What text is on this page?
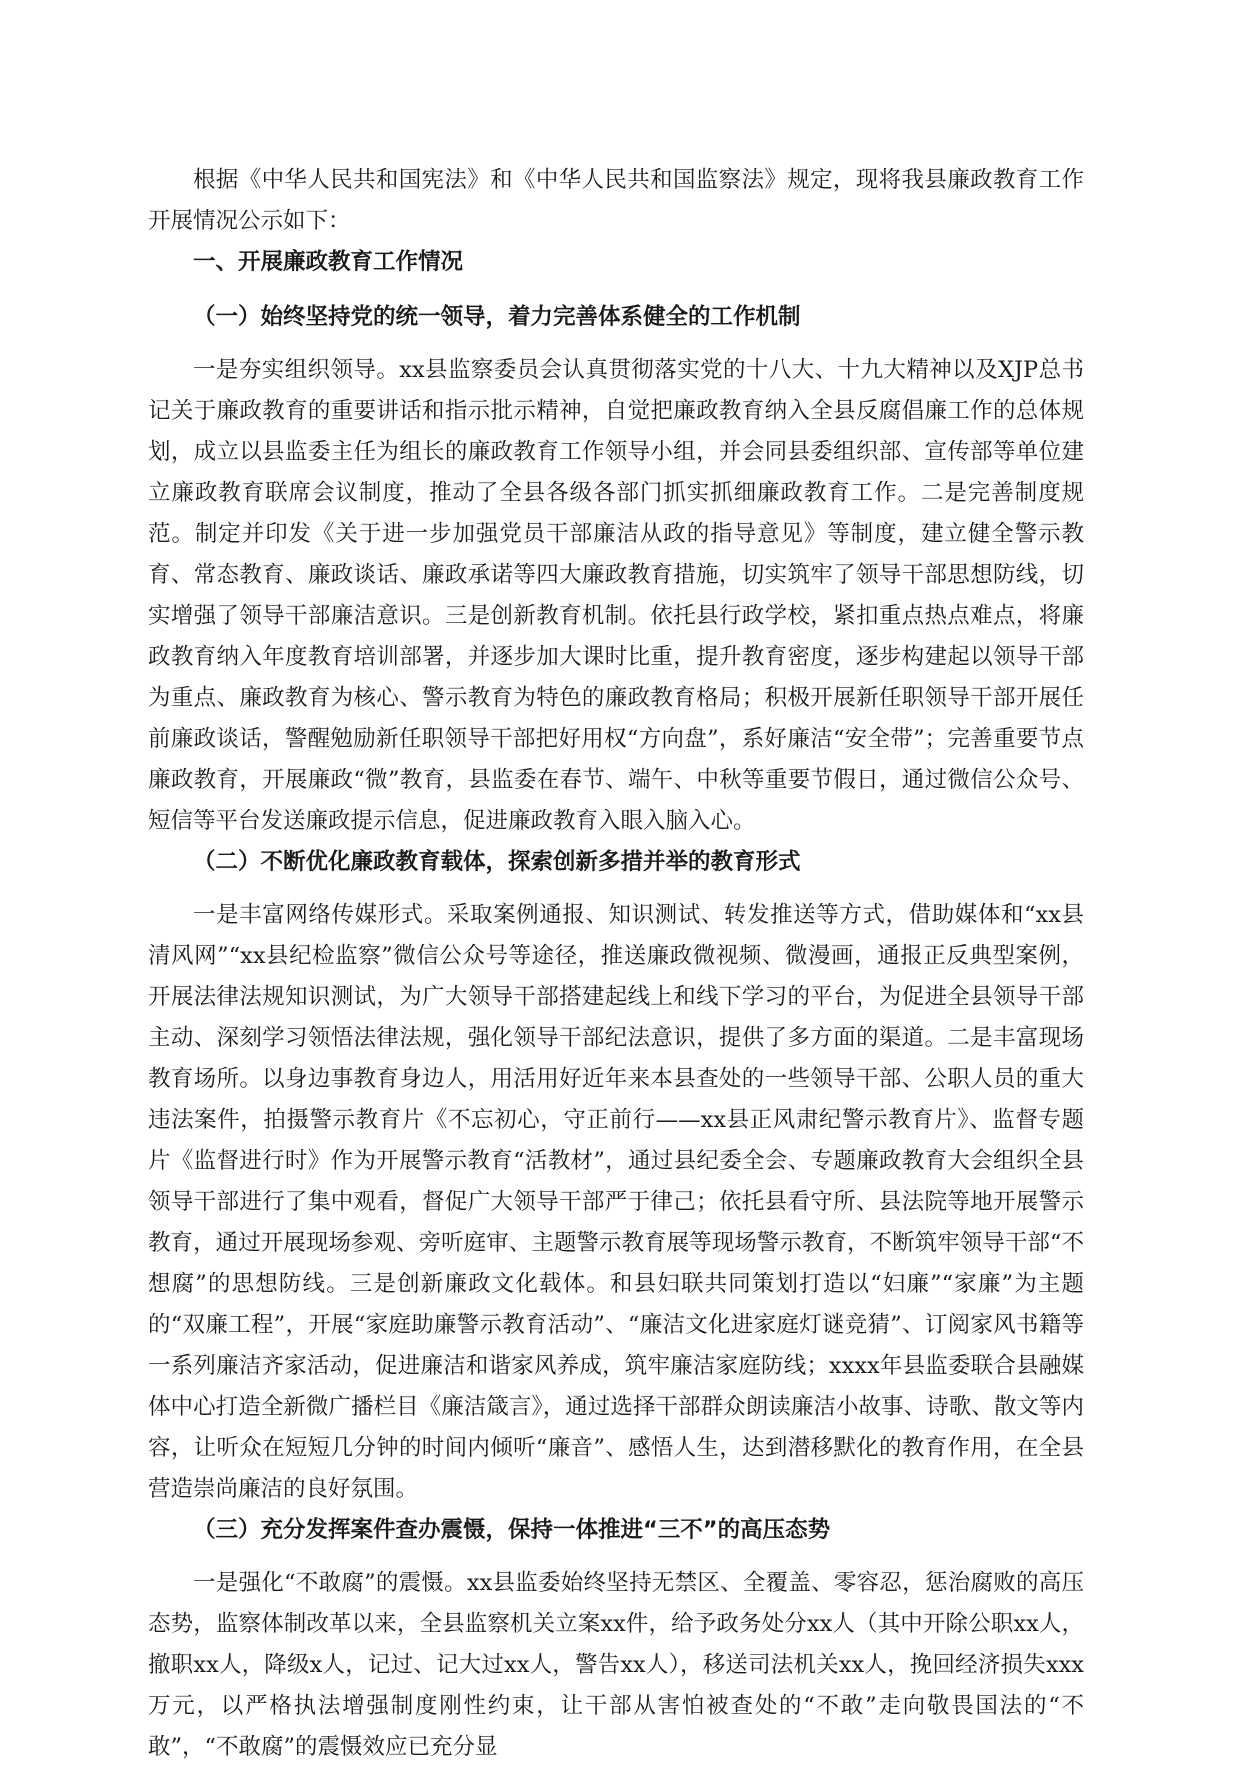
根据《中华人民共和国宪法》和《中华人民共和国监察法》规定，现将我县廉政教育工作开展情况公示如下：

一、开展廉政教育工作情况
（一）始终坚持党的统一领导，着力完善体系健全的工作机制

一是夯实组织领导。xx县监察委员会认真贯彻落实党的十八大、十九大精神以及XJP总书记关于廉政教育的重要讲话和指示批示精神，自觉把廉政教育纳入全县反腐倡廉工作的总体规划，成立以县监委主任为组长的廉政教育工作领导小组，并会同县委组织部、宣传部等单位建立廉政教育联席会议制度，推动了全县各级各部门抓实抓细廉政教育工作。二是完善制度规范。制定并印发《关于进一步加强党员干部廉洁从政的指导意见》等制度，建立健全警示教育、常态教育、廉政谈话、廉政承诺等四大廉政教育措施，切实筑牢了领导干部思想防线，切实增强了领导干部廉洁意识。三是创新教育机制。依托县行政学校，紧扣重点热点难点，将廉政教育纳入年度教育培训部署，并逐步加大课时比重，提升教育密度，逐步构建起以领导干部为重点、廉政教育为核心、警示教育为特色的廉政教育格局；积极开展新任职领导干部开展任前廉政谈话，警醒勉励新任职领导干部把好用权“方向盘”，系好廉洁“安全带”；完善重要节点廉政教育，开展廉政“微”教育，县监委在春节、端午、中秋等重要节假日，通过微信公众号、短信等平台发送廉政提示信息，促进廉政教育入眼入脑入心。

（二）不断优化廉政教育载体，探索创新多措并举的教育形式

一是丰富网络传媒形式。采取案例通报、知识测试、转发推送等方式，借助媒体和“xx县清风网”“xx县纪检监察”微信公众号等途径，推送廉政微视频、微漫画，通报正反典型案例，开展法律法规知识测试，为广大领导干部搭建起线上和线下学习的平台，为促进全县领导干部主动、深刻学习领悟法律法规，强化领导干部纪法意识，提供了多方面的渠道。二是丰富现场教育场所。以身边事教育身边人，用活用好近年来本县查处的一些领导干部、公职人员的重大违法案件，拍摄警示教育片《不忘初心，守正前行——xx县正风肃纪警示教育片》、监督专题片《监督进行时》作为开展警示教育“活教材”，通过县纪委全会、专题廉政教育大会组织全县领导干部进行了集中观看，督促广大领导干部严于律己；依托县看守所、县法院等地开展警示教育，通过开展现场参观、旁听庭审、主题警示教育展等现场警示教育，不断筑牢领导干部“不想腐”的思想防线。三是创新廉政文化载体。和县妇联共同策划打造以“妇廉”“家廉”为主题的“双廉工程”，开展“家庭助廉警示教育活动”、“廉洁文化进家庭灯谜竞猜”、订阅家风书籍等一系列廉洁齐家活动，促进廉洁和谐家风养成，筑牢廉洁家庭防线；xxxx年县监委联合县融媒体中心打造全新微广播栏目《廉洁箴言》，通过选择干部群众朗读廉洁小故事、诗歌、散文等内容，让听众在短短几分钟的时间内倾听“廉音”、感悟人生，达到潜移默化的教育作用，在全县营造崇尚廉洁的良好氛围。

（三）充分发挥案件查办震慑，保持一体推进“三不”的高压态势

一是强化“不敢腐”的震慑。xx县监委始终坚持无禁区、全覆盖、零容忍，惩治腐败的高压态势，监察体制改革以来，全县监察机关立案xx件，给予政务处分xx人（其中开除公职xx人，撤职xx人，降级x人，记过、记大过xx人，警告xx人），移送司法机关xx人，挽回经济损失xxx万元，以严格执法增强制度刚性约束，让干部从害怕被查处的“不敢”走向敬畏国法的“不敢”，“不敢腐”的震慑效应已充分显
